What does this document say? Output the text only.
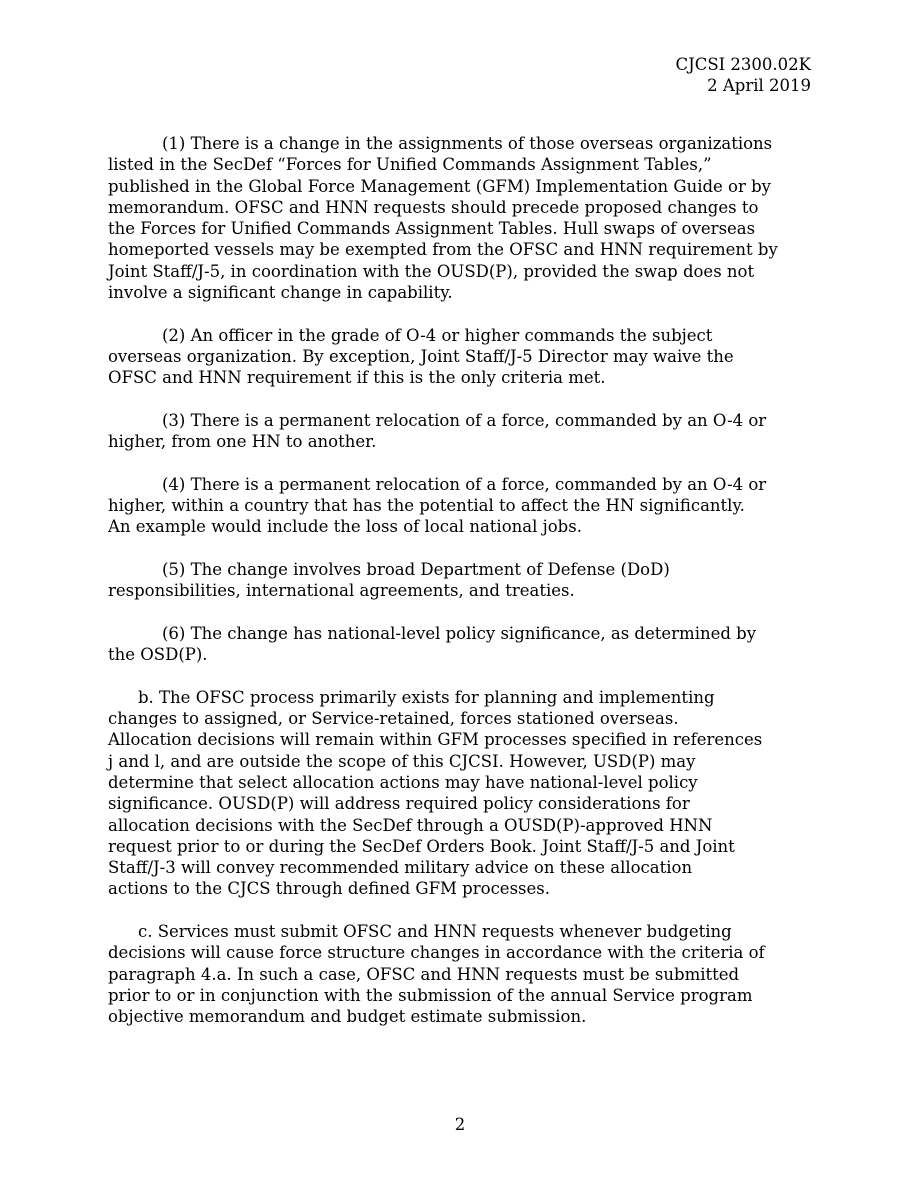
CJCSI 2300.02K
2 April 2019

(1) There is a change in the assignments of those overseas organizations
listed in the SecDef “Forces for Unified Commands Assignment Tables,”
published in the Global Force Management (GFM) Implementation Guide or by
memorandum. OFSC and HNN requests should precede proposed changes to
the Forces for Unified Commands Assignment Tables. Hull swaps of overseas
homeported vessels may be exempted from the OFSC and HNN requirement by
Joint Staff/J-5, in coordination with the OUSD(P), provided the swap does not
involve a significant change in capability.

(2) An officer in the grade of O-4 or higher commands the subject
overseas organization. By exception, Joint Staff/J-5 Director may waive the
OFSC and HNN requirement if this is the only criteria met.

(3) There is a permanent relocation of a force, commanded by an O-4 or
higher, from one HN to another.

(4) There is a permanent relocation of a force, commanded by an O-4 or
higher, within a country that has the potential to affect the HN significantly.
An example would include the loss of local national jobs.

(5) The change involves broad Department of Defense (DoD)
responsibilities, international agreements, and treaties.

(6) The change has national-level policy significance, as determined by
the OSD(P).

b. The OFSC process primarily exists for planning and implementing
changes to assigned, or Service-retained, forces stationed overseas.
Allocation decisions will remain within GFM processes specified in references
j and l, and are outside the scope of this CJCSI. However, USD(P) may
determine that select allocation actions may have national-level policy
significance. OUSD(P) will address required policy considerations for
allocation decisions with the SecDef through a OUSD(P)-approved HNN
request prior to or during the SecDef Orders Book. Joint Staff/J-5 and Joint
Staff/J-3 will convey recommended military advice on these allocation
actions to the CJCS through defined GFM processes.

c. Services must submit OFSC and HNN requests whenever budgeting
decisions will cause force structure changes in accordance with the criteria of
paragraph 4.a. In such a case, OFSC and HNN requests must be submitted
prior to or in conjunction with the submission of the annual Service program
objective memorandum and budget estimate submission.

2
